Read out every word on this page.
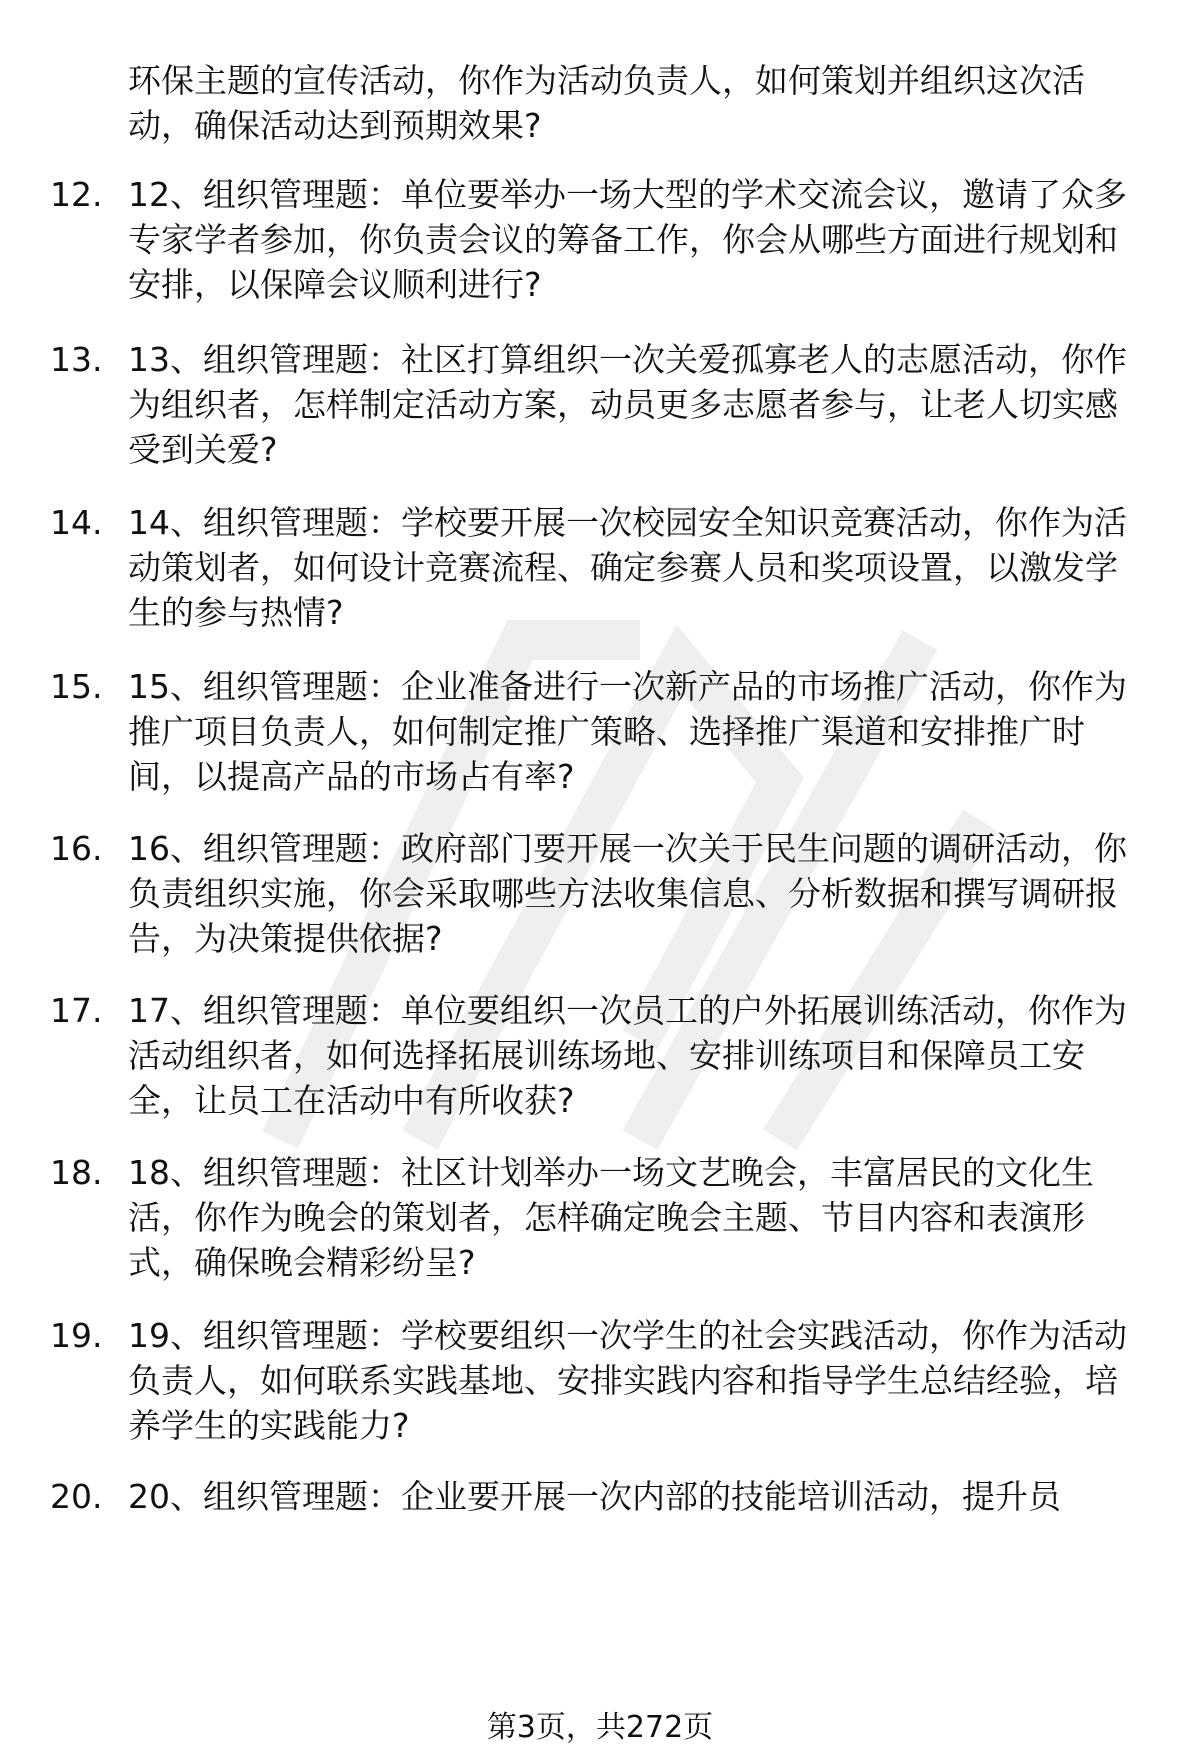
环保主题的宣传活动，你作为活动负责人，如何策划并组织这次活动，确保活动达到预期效果?
12. 12、组织管理题：单位要举办一场大型的学术交流会议，邀请了众多专家学者参加，你负责会议的筹备工作，你会从哪些方面进行规划和安排，以保障会议顺利进行?
13. 13、组织管理题：社区打算组织一次关爱孤寡老人的志愿活动，你作为组织者，怎样制定活动方案，动员更多志愿者参与，让老人切实感受到关爱?
14. 14、组织管理题：学校要开展一次校园安全知识竞赛活动，你作为活动策划者，如何设计竞赛流程、确定参赛人员和奖项设置，以激发学生的参与热情?
15. 15、组织管理题：企业准备进行一次新产品的市场推广活动，你作为推广项目负责人，如何制定推广策略、选择推广渠道和安排推广时间，以提高产品的市场占有率?
16. 16、组织管理题：政府部门要开展一次关于民生问题的调研活动，你负责组织实施，你会采取哪些方法收集信息、分析数据和撰写调研报告，为决策提供依据?
17. 17、组织管理题：单位要组织一次员工的户外拓展训练活动，你作为活动组织者，如何选择拓展训练场地、安排训练项目和保障员工安全，让员工在活动中有所收获?
18. 18、组织管理题：社区计划举办一场文艺晚会，丰富居民的文化生活，你作为晚会的策划者，怎样确定晚会主题、节目内容和表演形式，确保晚会精彩纷呈?
19. 19、组织管理题：学校要组织一次学生的社会实践活动，你作为活动负责人，如何联系实践基地、安排实践内容和指导学生总结经验，培养学生的实践能力?
20. 20、组织管理题：企业要开展一次内部的技能培训活动，提升员
第3页，共272页
